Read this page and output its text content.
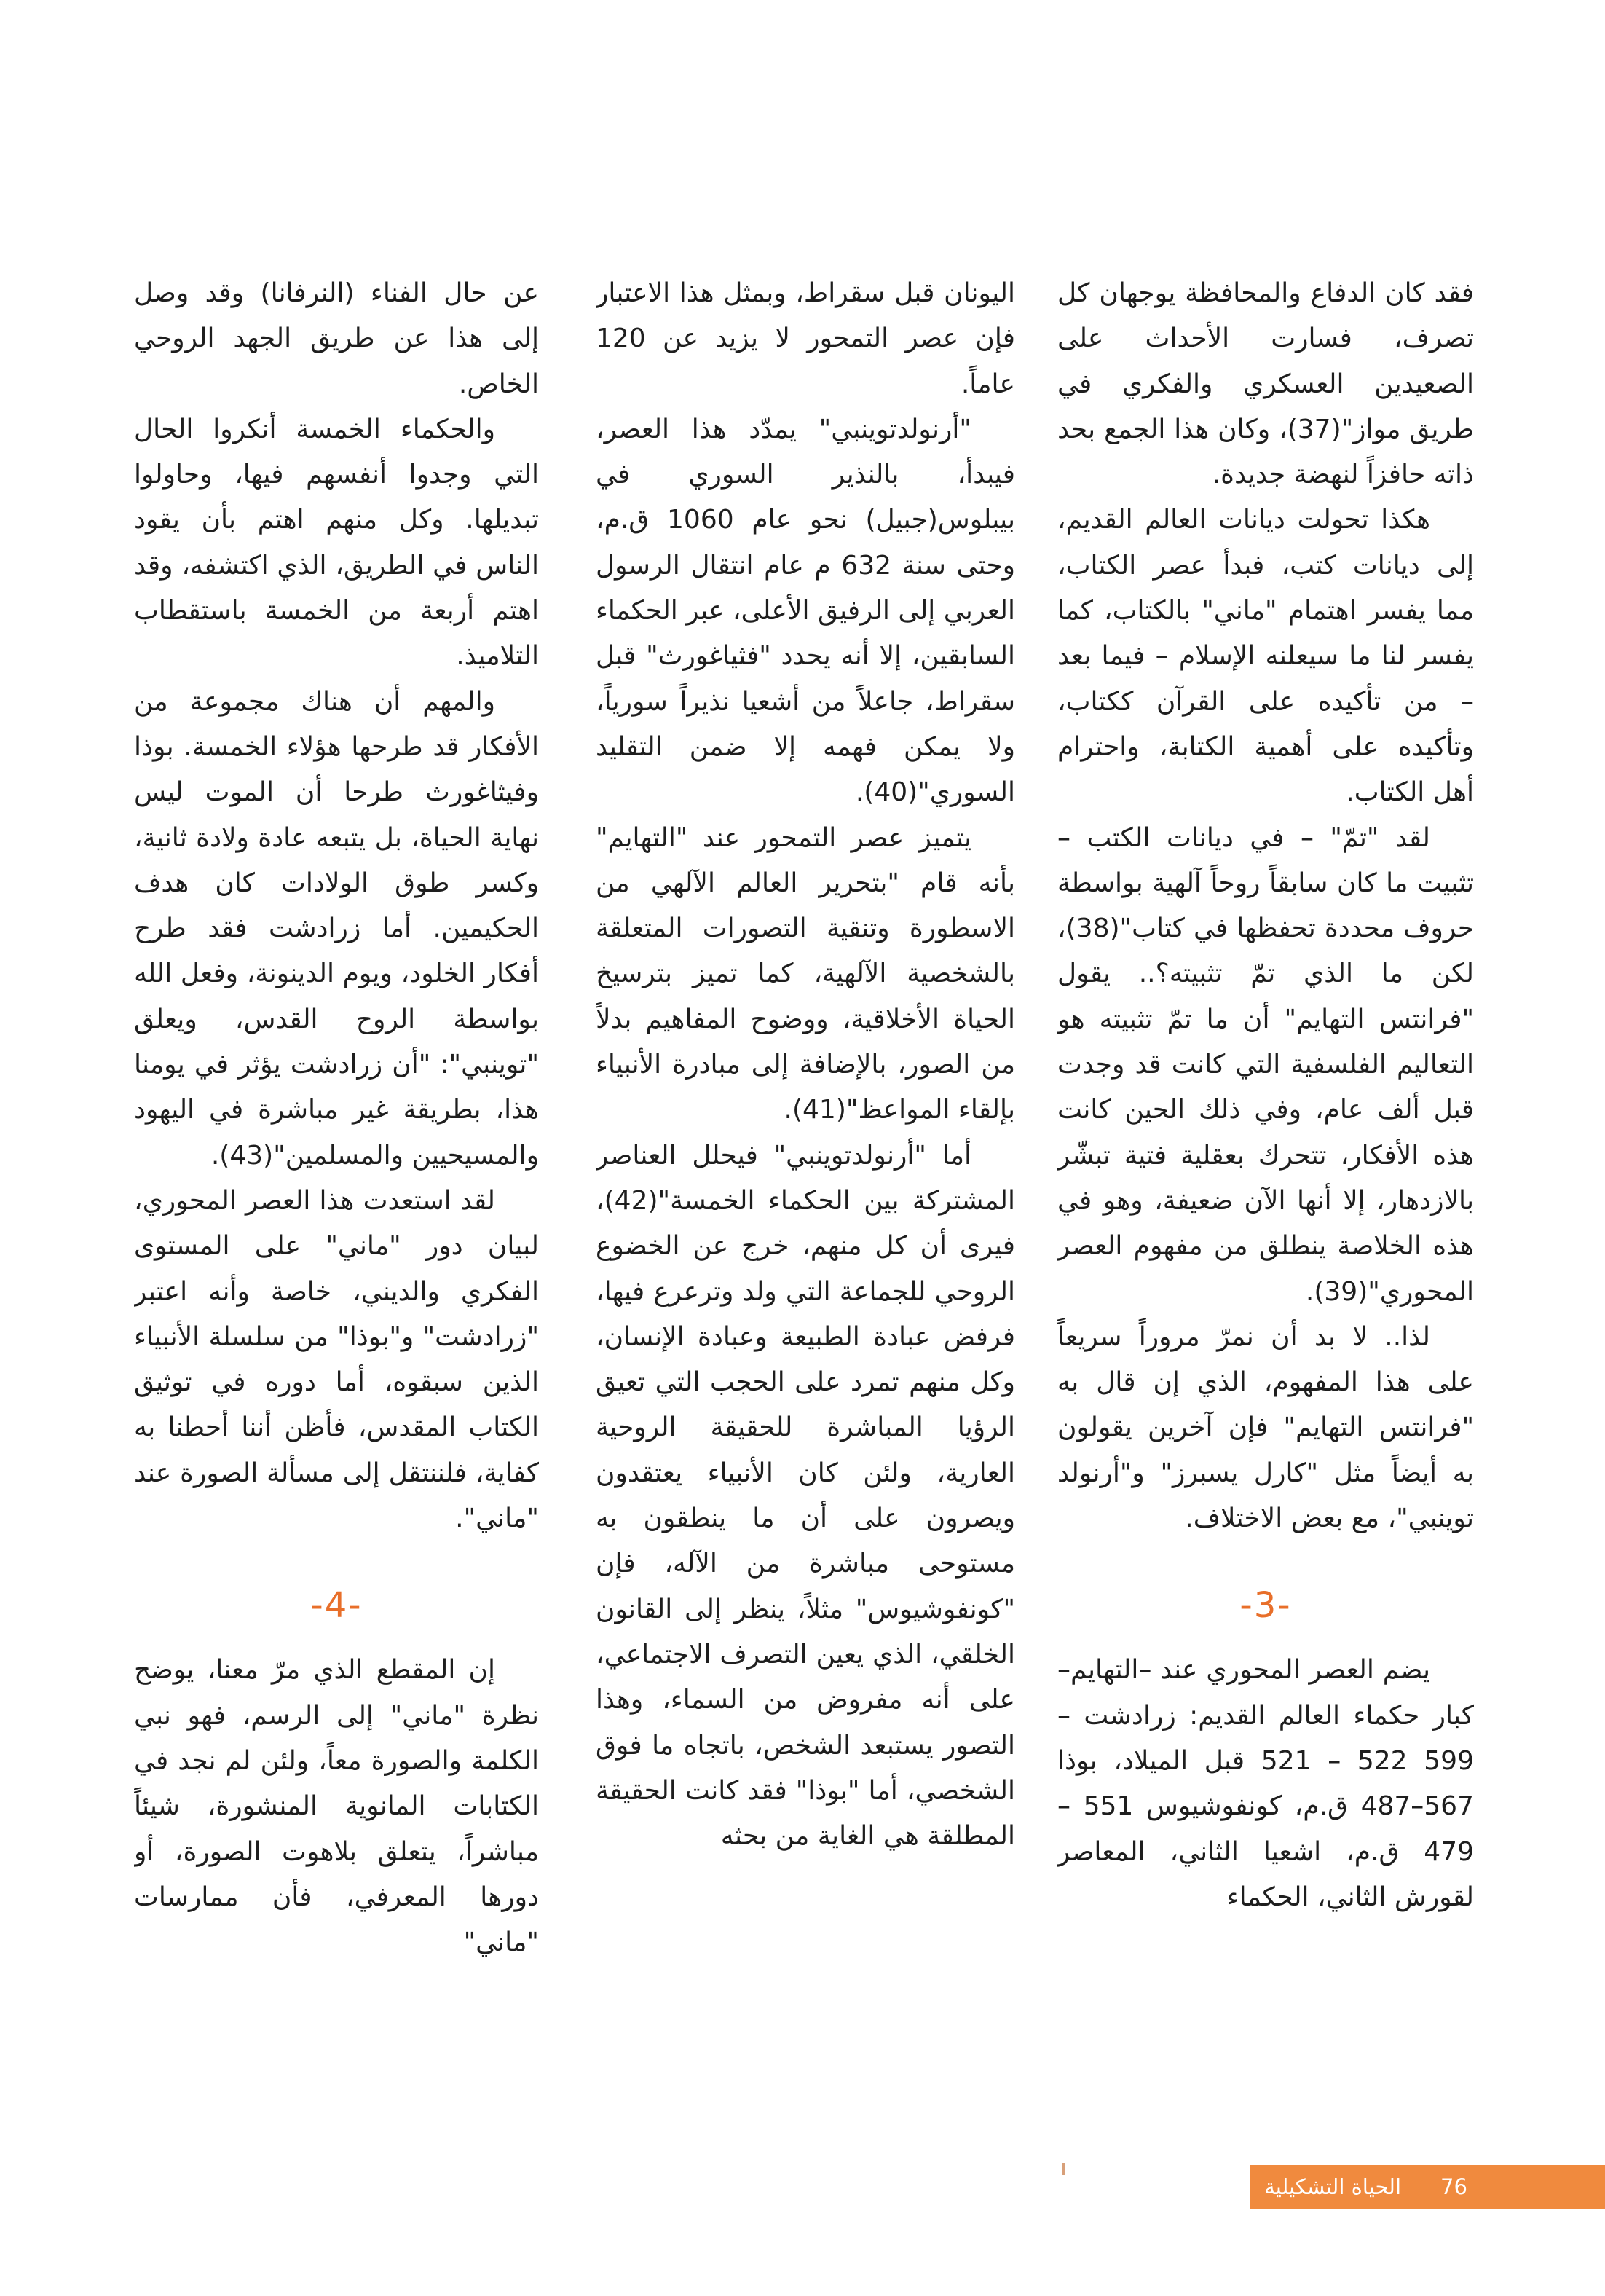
فقد كان الدفاع والمحافظة يوجهان كل تصرف، فسارت الأحداث على الصعيدين العسكري والفكري في طريق مواز"(37)، وكان هذا الجمع بحد ذاته حافزاً لنهضة جديدة.

هكذا تحولت ديانات العالم القديم، إلى ديانات كتب، فبدأ عصر الكتاب، مما يفسر اهتمام "ماني" بالكتاب، كما يفسر لنا ما سيعلنه الإسلام – فيما بعد – من تأكيده على القرآن ككتاب، وتأكيده على أهمية الكتابة، واحترام أهل الكتاب.

لقد "تمّ" – في ديانات الكتب – تثبيت ما كان سابقاً روحاً آلهية بواسطة حروف محددة تحفظها في كتاب"(38)، لكن ما الذي تمّ تثبيته؟.. يقول "فرانتس التهايم" أن ما تمّ تثبيته هو التعاليم الفلسفية التي كانت قد وجدت قبل ألف عام، وفي ذلك الحين كانت هذه الأفكار، تتحرك بعقلية فتية تبشّر بالازدهار، إلا أنها الآن ضعيفة، وهو في هذه الخلاصة ينطلق من مفهوم العصر المحوري"(39).

لذا.. لا بد أن نمرّ مروراً سريعاً على هذا المفهوم، الذي إن قال به "فرانتس التهايم" فإن آخرين يقولون به أيضاً مثل "كارل يسبرز" و"أرنولد توينبي"، مع بعض الاختلاف.

-3-

يضم العصر المحوري عند –التهايم– كبار حكماء العالم القديم: زرادشت –599 522 – 521 قبل الميلاد، بوذا 567–487 ق.م، كونفوشيوس 551 – 479 ق.م، اشعيا الثاني، المعاصر لقورش الثاني، الحكماء

اليونان قبل سقراط، وبمثل هذا الاعتبار فإن عصر التمحور لا يزيد عن 120 عاماً.

"أرنولدتوينبي" يمدّد هذا العصر، فيبدأ، بالنذير السوري في بيبلوس(جبيل) نحو عام 1060 ق.م، وحتى سنة 632 م عام انتقال الرسول العربي إلى الرفيق الأعلى، عبر الحكماء السابقين، إلا أنه يحدد "فثياغورث" قبل سقراط، جاعلاً من أشعيا نذيراً سورياً، ولا يمكن فهمه إلا ضمن التقليد السوري"(40).

يتميز عصر التمحور عند "التهايم" بأنه قام "بتحرير العالم الآلهي من الاسطورة وتنقية التصورات المتعلقة بالشخصية الآلهية، كما تميز بترسيخ الحياة الأخلاقية، ووضوح المفاهيم بدلاً من الصور، بالإضافة إلى مبادرة الأنبياء بإلقاء المواعظ"(41).

أما "أرنولدتوينبي" فيحلل العناصر المشتركة بين الحكماء الخمسة"(42)، فيرى أن كل منهم، خرج عن الخضوع الروحي للجماعة التي ولد وترعرع فيها، فرفض عبادة الطبيعة وعبادة الإنسان، وكل منهم تمرد على الحجب التي تعيق الرؤيا المباشرة للحقيقة الروحية العارية، ولئن كان الأنبياء يعتقدون ويصرون على أن ما ينطقون به مستوحى مباشرة من الآله، فإن "كونفوشيوس" مثلاً، ينظر إلى القانون الخلقي، الذي يعين التصرف الاجتماعي، على أنه مفروض من السماء، وهذا التصور يستبعد الشخص، باتجاه ما فوق الشخصي، أما "بوذا" فقد كانت الحقيقة المطلقة هي الغاية من بحثه

عن حال الفناء (النرفانا) وقد وصل إلى هذا عن طريق الجهد الروحي الخاص.

والحكماء الخمسة أنكروا الحال التي وجدوا أنفسهم فيها، وحاولوا تبديلها. وكل منهم اهتم بأن يقود الناس في الطريق، الذي اكتشفه، وقد اهتم أربعة من الخمسة باستقطاب التلاميذ.

والمهم أن هناك مجموعة من الأفكار قد طرحها هؤلاء الخمسة. بوذا وفيثاغورث طرحا أن الموت ليس نهاية الحياة، بل يتبعه عادة ولادة ثانية، وكسر طوق الولادات كان هدف الحكيمين. أما زرادشت فقد طرح أفكار الخلود، ويوم الدينونة، وفعل الله بواسطة الروح القدس، ويعلق "توينبي": "أن زرادشت يؤثر في يومنا هذا، بطريقة غير مباشرة في اليهود والمسيحيين والمسلمين"(43).

لقد استعدت هذا العصر المحوري، لبيان دور "ماني" على المستوى الفكري والديني، خاصة وأنه اعتبر "زرادشت" و"بوذا" من سلسلة الأنبياء الذين سبقوه، أما دوره في توثيق الكتاب المقدس، فأظن أننا أحطنا به كفاية، فلننتقل إلى مسألة الصورة عند "ماني".

-4-

إن المقطع الذي مرّ معنا، يوضح نظرة "ماني" إلى الرسم، فهو نبي الكلمة والصورة معاً، ولئن لم نجد في الكتابات المانوية المنشورة، شيئاً مباشراً، يتعلق بلاهوت الصورة، أو دورها المعرفي، فأن ممارسات "ماني"

76
الحياة التشكيلية
